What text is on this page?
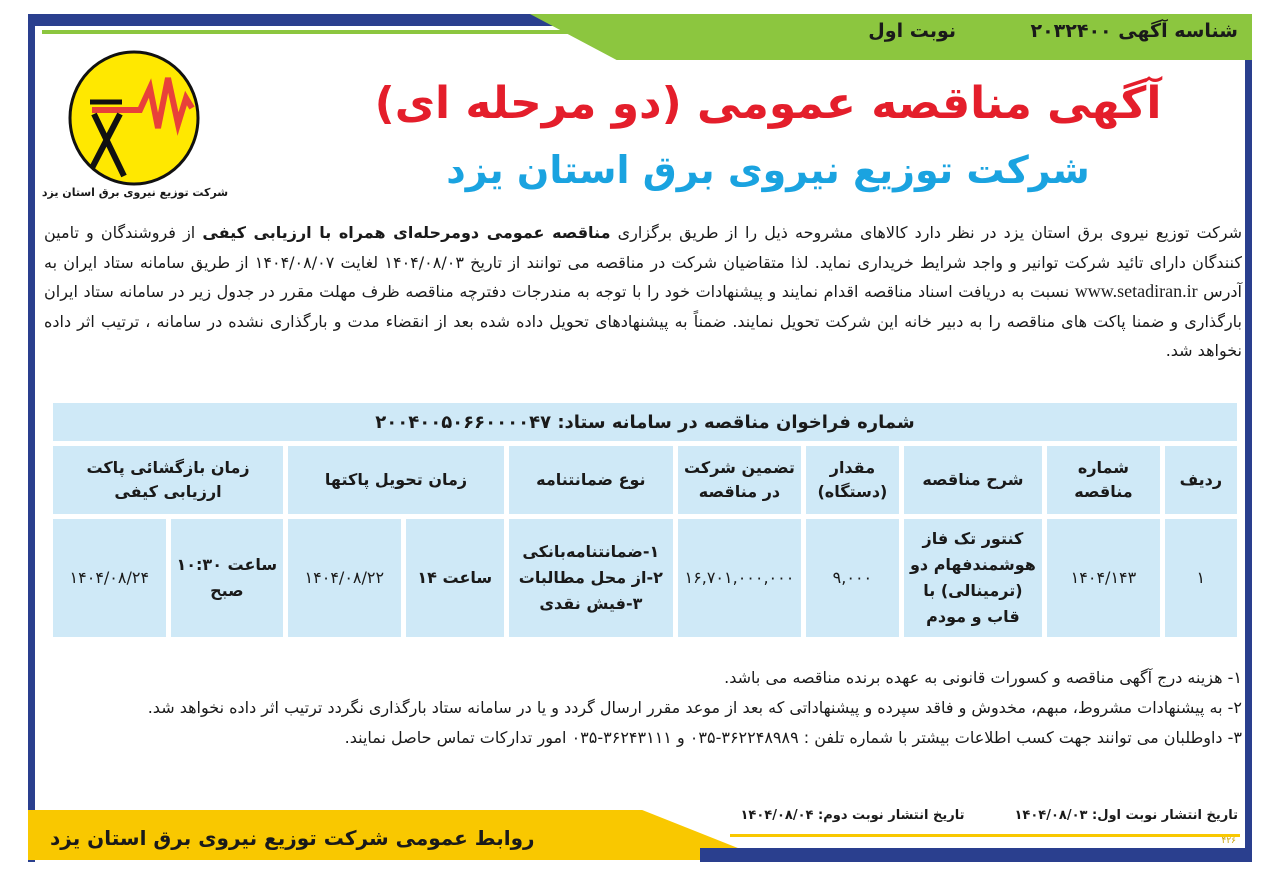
شناسه آگهی ۲۰۳۲۴۰۰
نوبت اول
شرکت توزیع نیروی برق استان یزد
آگهی مناقصه عمومی (دو مرحله ای)
شرکت توزیع نیروی برق استان یزد
شرکت توزیع نیروی برق استان یزد در نظر دارد کالاهای مشروحه ذیل را از طریق برگزاری مناقصه عمومی دومرحله‌ای همراه با ارزیابی کیفی از فروشندگان و تامین کنندگان دارای تائید شرکت توانیر و واجد شرایط خریداری نماید. لذا متقاضیان شرکت در مناقصه می توانند از تاریخ ۱۴۰۴/۰۸/۰۳ لغایت ۱۴۰۴/۰۸/۰۷ از طریق سامانه ستاد ایران به آدرس www.setadiran.ir نسبت به دریافت اسناد مناقصه اقدام نمایند و پیشنهادات خود را با توجه به مندرجات دفترچه مناقصه ظرف مهلت مقرر در جدول زیر در سامانه ستاد ایران بارگذاری و ضمنا پاکت های مناقصه را به دبیر خانه این شرکت تحویل نمایند. ضمناً به پیشنهادهای تحویل داده شده بعد از انقضاء مدت و بارگذاری نشده در سامانه ، ترتیب اثر داده نخواهد شد.
شماره فراخوان مناقصه در سامانه ستاد: ۲۰۰۴۰۰۵۰۶۶۰۰۰۰۴۷									
ردیف	شماره مناقصه	شرح مناقصه	مقدار (دستگاه)	تضمین شرکت در مناقصه	نوع ضمانتنامه	زمان تحویل پاکتها		زمان بازگشائی پاکت ارزیابی کیفی	
۱	۱۴۰۴/۱۴۳	کنتور تک فاز هوشمندفهام دو (ترمینالی) با قاب و مودم	۹,۰۰۰	۱۶,۷۰۱,۰۰۰,۰۰۰	۱-ضمانتنامه‌بانکی
۲-از محل مطالبات
۳-فیش نقدی	ساعت ۱۴	۱۴۰۴/۰۸/۲۲	ساعت ۱۰:۳۰ صبح	۱۴۰۴/۰۸/۲۴
۱- هزینه درج آگهی مناقصه و کسورات قانونی به عهده برنده مناقصه می باشد.
۲- به پیشنهادات مشروط، مبهم، مخدوش و فاقد سپرده و پیشنهاداتی که بعد از موعد مقرر ارسال گردد و یا در سامانه ستاد بارگذاری نگردد ترتیب اثر داده نخواهد شد.
۳- داوطلبان می توانند جهت کسب اطلاعات بیشتر با شماره تلفن : ۳۶۲۲۴۸۹۸۹-۰۳۵ و ۳۶۲۴۳۱۱۱-۰۳۵ امور تدارکات تماس حاصل نمایند.
تاریخ انتشار نوبت اول: ۱۴۰۴/۰۸/۰۳تاریخ انتشار نوبت دوم: ۱۴۰۴/۰۸/۰۴
روابط عمومی شرکت توزیع نیروی برق استان یزد	۴۲۶
